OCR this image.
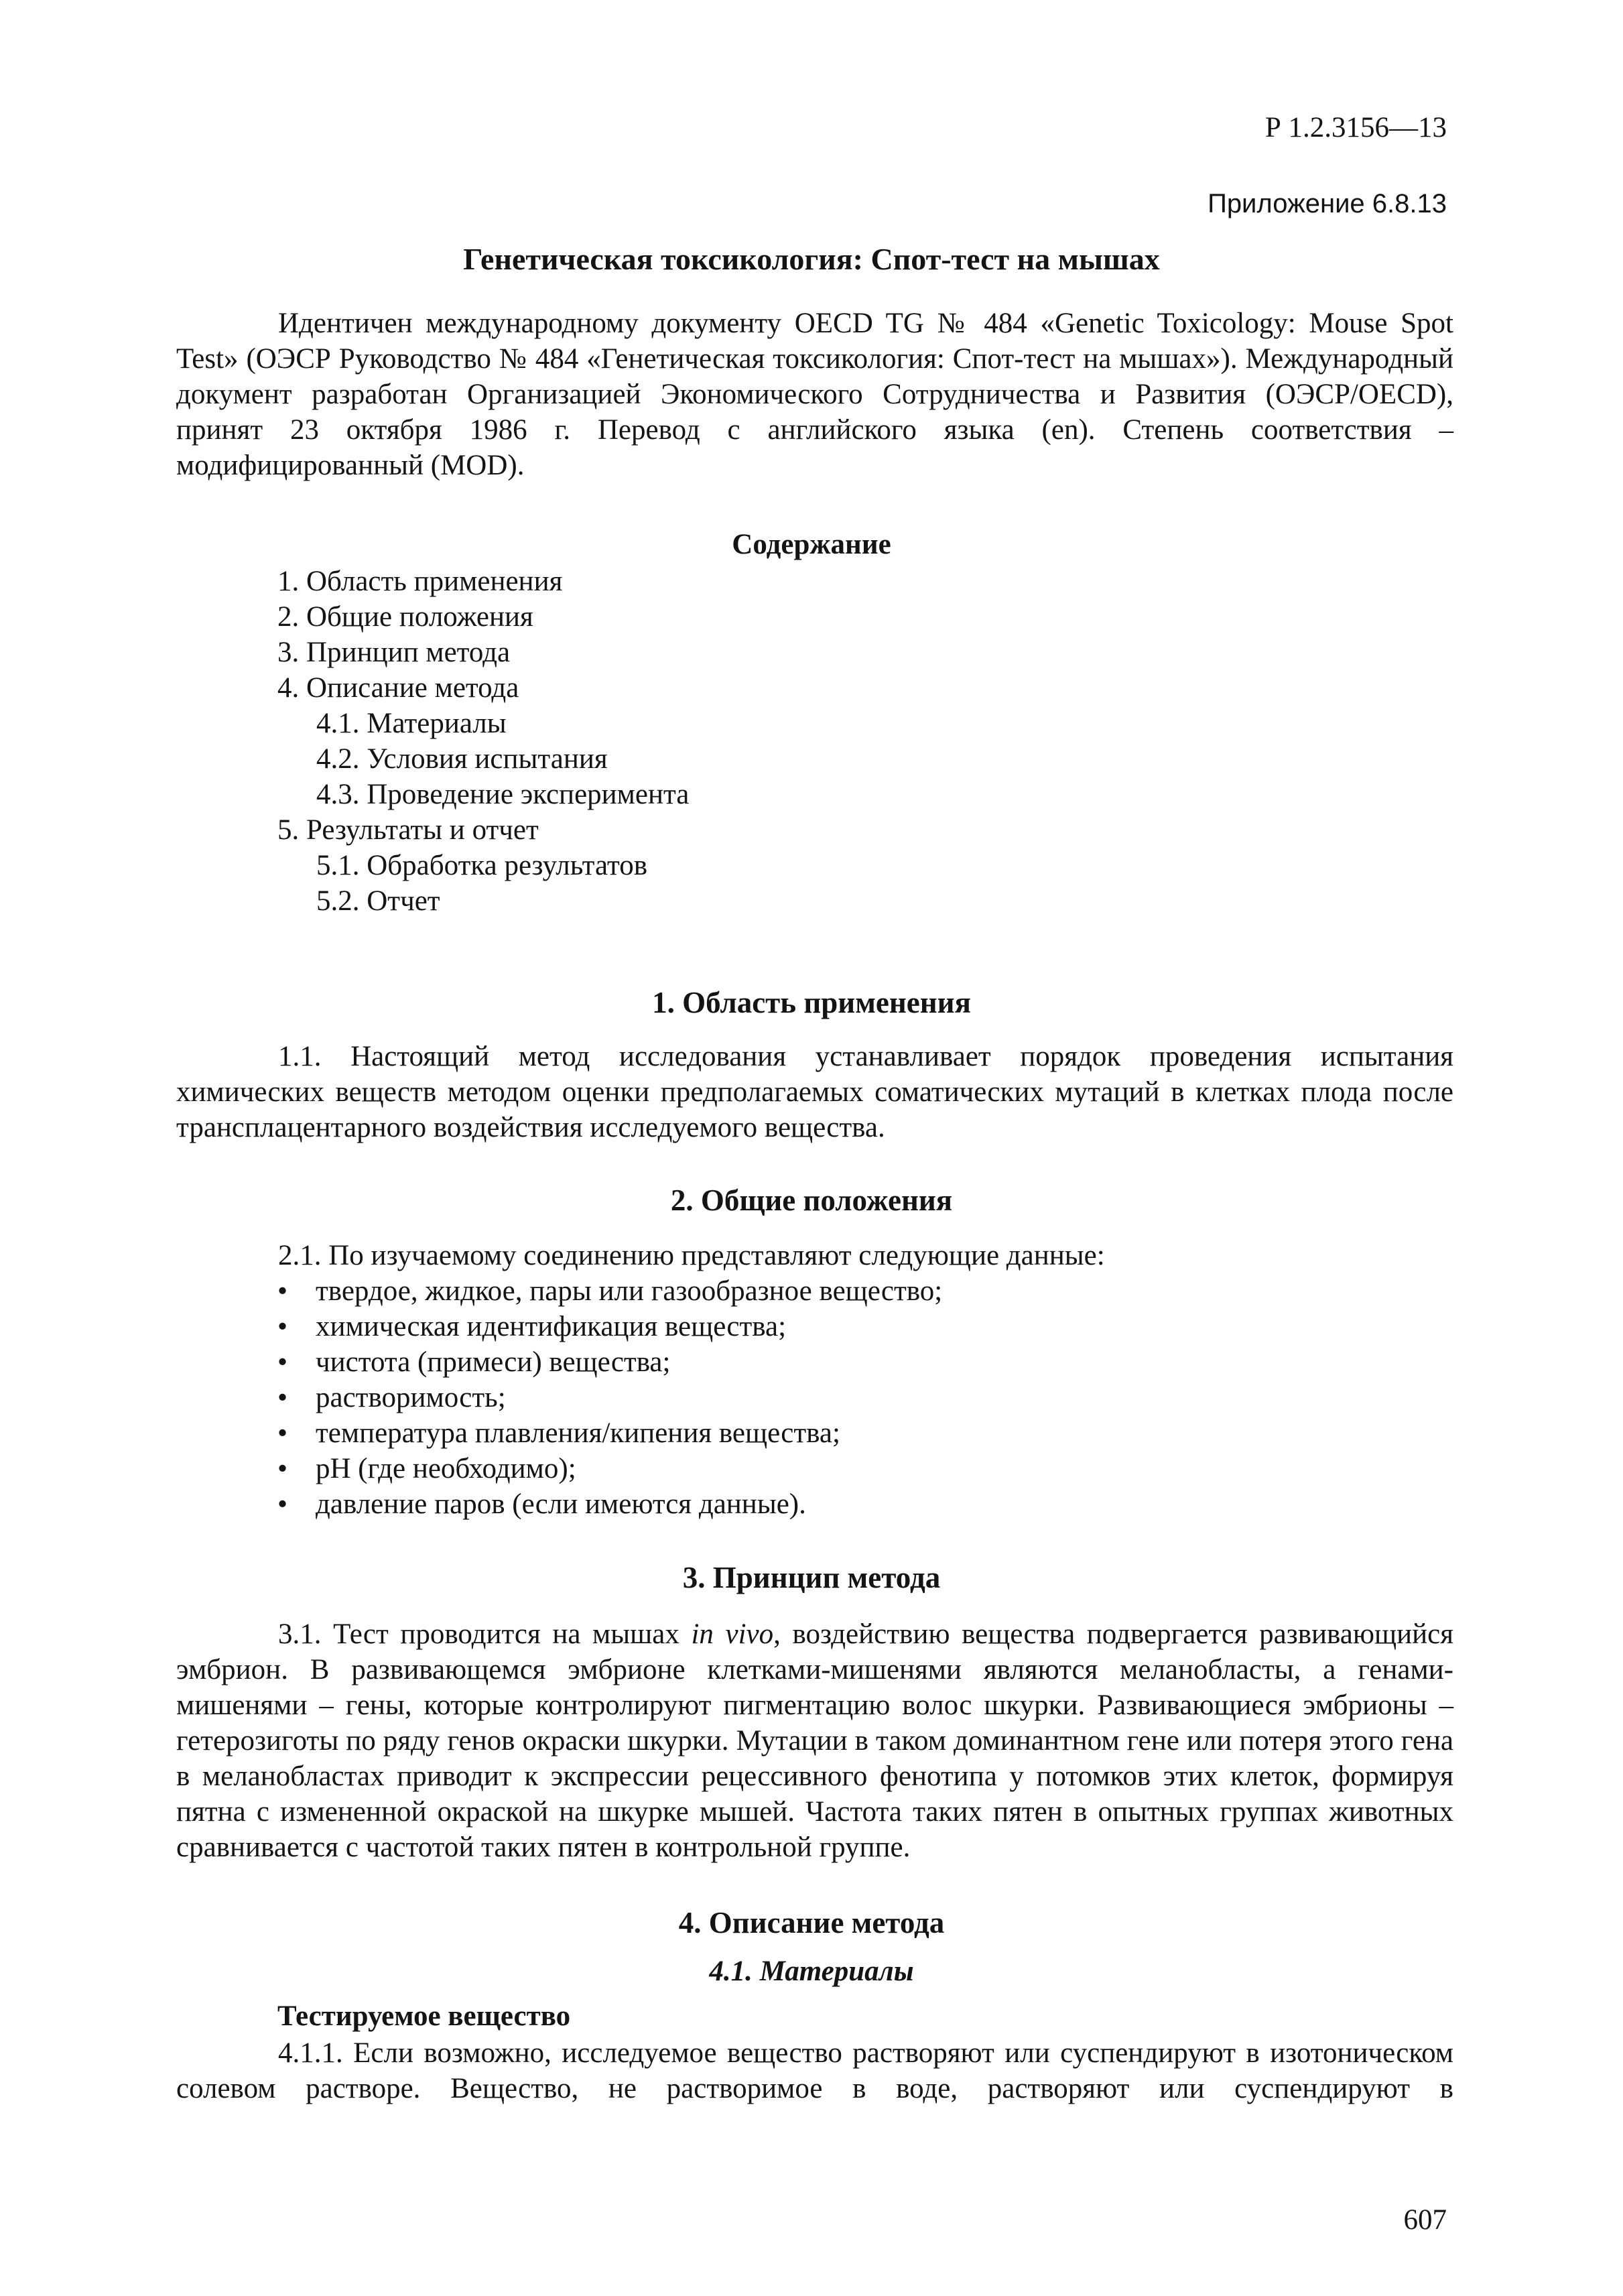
Р 1.2.3156—13
Приложение 6.8.13
Генетическая токсикология: Спот-тест на мышах

Идентичен международному документу OECD TG № 484 «Genetic Toxicology: Mouse Spot Test» (ОЭСР Руководство № 484 «Генетическая токсикология: Спот-тест на мышах»). Международный документ разработан Организацией Экономического Сотрудничества и Развития (ОЭСР/OECD), принят 23 октября 1986 г. Перевод с английского языка (en). Степень соответствия – модифицированный (MOD).

Содержание
1. Область применения
2. Общие положения
3. Принцип метода
4. Описание метода
4.1. Материалы
4.2. Условия испытания
4.3. Проведение эксперимента
5. Результаты и отчет
5.1. Обработка результатов
5.2. Отчет
1. Область применения

1.1. Настоящий метод исследования устанавливает порядок проведения испытания химических веществ методом оценки предполагаемых соматических мутаций в клетках плода после трансплацентарного воздействия исследуемого вещества.

2. Общие положения

2.1. По изучаемому соединению представляют следующие данные:

• твердое, жидкое, пары или газообразное вещество;
• химическая идентификация вещества;
• чистота (примеси) вещества;
• растворимость;
• температура плавления/кипения вещества;
• pH (где необходимо);
• давление паров (если имеются данные).
3. Принцип метода

3.1. Тест проводится на мышах in vivo, воздействию вещества подвергается развивающийся эмбрион. В развивающемся эмбрионе клетками-мишенями являются меланобласты, а генами-мишенями – гены, которые контролируют пигментацию волос шкурки. Развивающиеся эмбрионы – гетерозиготы по ряду генов окраски шкурки. Мутации в таком доминантном гене или потеря этого гена в меланобластах приводит к экспрессии рецессивного фенотипа у потомков этих клеток, формируя пятна с измененной окраской на шкурке мышей. Частота таких пятен в опытных группах животных сравнивается с частотой таких пятен в контрольной группе.

4. Описание метода
4.1. Материалы
Тестируемое вещество

4.1.1. Если возможно, исследуемое вещество растворяют или суспендируют в изотоническом солевом растворе. Вещество, не растворимое в воде, растворяют или суспендируют в

607
